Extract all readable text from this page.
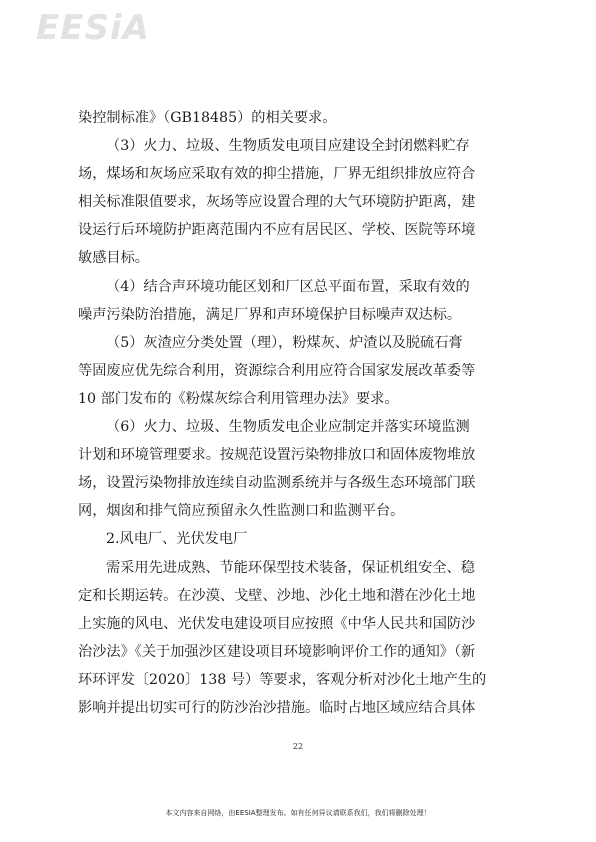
EESiA
染控制标准》（GB18485）的相关要求。
（3）火力、垃圾、生物质发电项目应建设全封闭燃料贮存
场，煤场和灰场应采取有效的抑尘措施，厂界无组织排放应符合
相关标准限值要求，灰场等应设置合理的大气环境防护距离，建
设运行后环境防护距离范围内不应有居民区、学校、医院等环境
敏感目标。
（4）结合声环境功能区划和厂区总平面布置，采取有效的
噪声污染防治措施，满足厂界和声环境保护目标噪声双达标。
（5）灰渣应分类处置（理），粉煤灰、炉渣以及脱硫石膏
等固废应优先综合利用，资源综合利用应符合国家发展改革委等
10 部门发布的《粉煤灰综合利用管理办法》要求。
（6）火力、垃圾、生物质发电企业应制定并落实环境监测
计划和环境管理要求。按规范设置污染物排放口和固体废物堆放
场，设置污染物排放连续自动监测系统并与各级生态环境部门联
网，烟囱和排气筒应预留永久性监测口和监测平台。
2.风电厂、光伏发电厂
需采用先进成熟、节能环保型技术装备，保证机组安全、稳
定和长期运转。在沙漠、戈壁、沙地、沙化土地和潜在沙化土地
上实施的风电、光伏发电建设项目应按照《中华人民共和国防沙
治沙法》《关于加强沙区建设项目环境影响评价工作的通知》（新
环环评发〔2020〕138 号）等要求，客观分析对沙化土地产生的
影响并提出切实可行的防沙治沙措施。临时占地区域应结合具体
22
本文内容来自网络，由EESIA整理发布。如有任何异议请联系我们，我们将删除处理！
